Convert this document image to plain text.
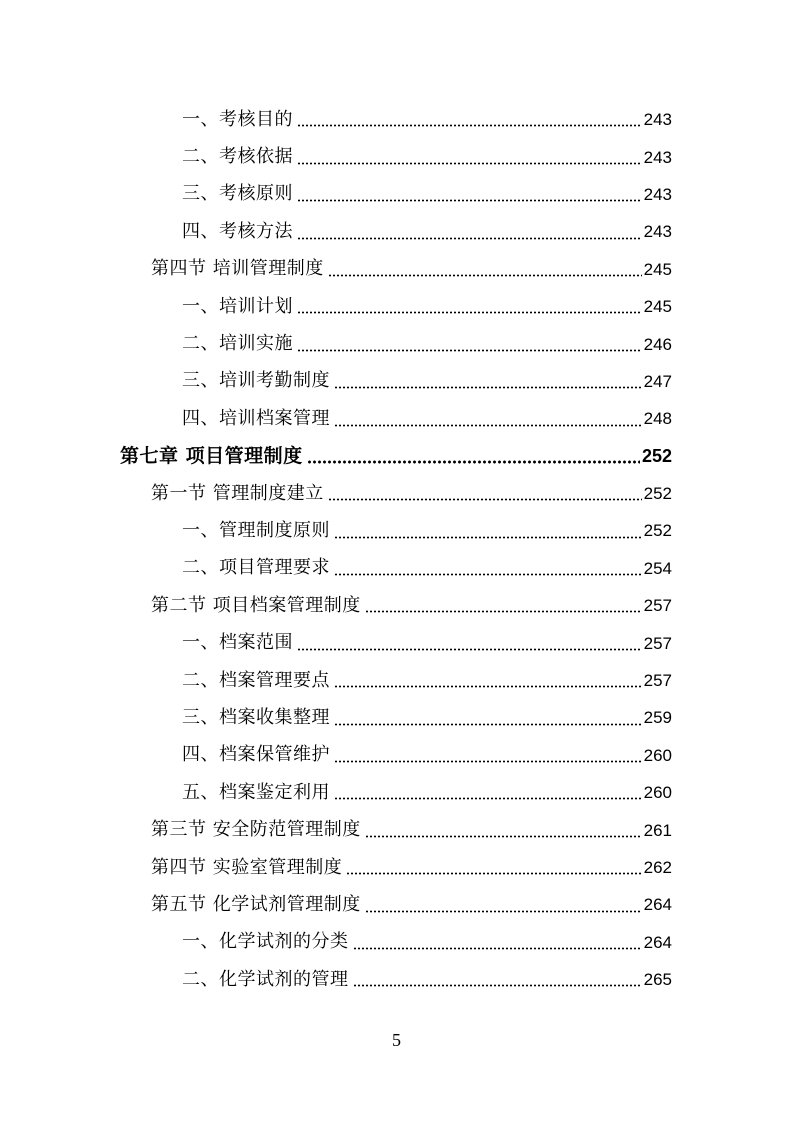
一、考核目的	243
二、考核依据	243
三、考核原则	243
四、考核方法	243
第四节 培训管理制度	245
一、培训计划	245
二、培训实施	246
三、培训考勤制度	247
四、培训档案管理	248
第七章 项目管理制度	252
第一节 管理制度建立	252
一、管理制度原则	252
二、项目管理要求	254
第二节 项目档案管理制度	257
一、档案范围	257
二、档案管理要点	257
三、档案收集整理	259
四、档案保管维护	260
五、档案鉴定利用	260
第三节 安全防范管理制度	261
第四节 实验室管理制度	262
第五节 化学试剂管理制度	264
一、化学试剂的分类	264
二、化学试剂的管理	265
5
